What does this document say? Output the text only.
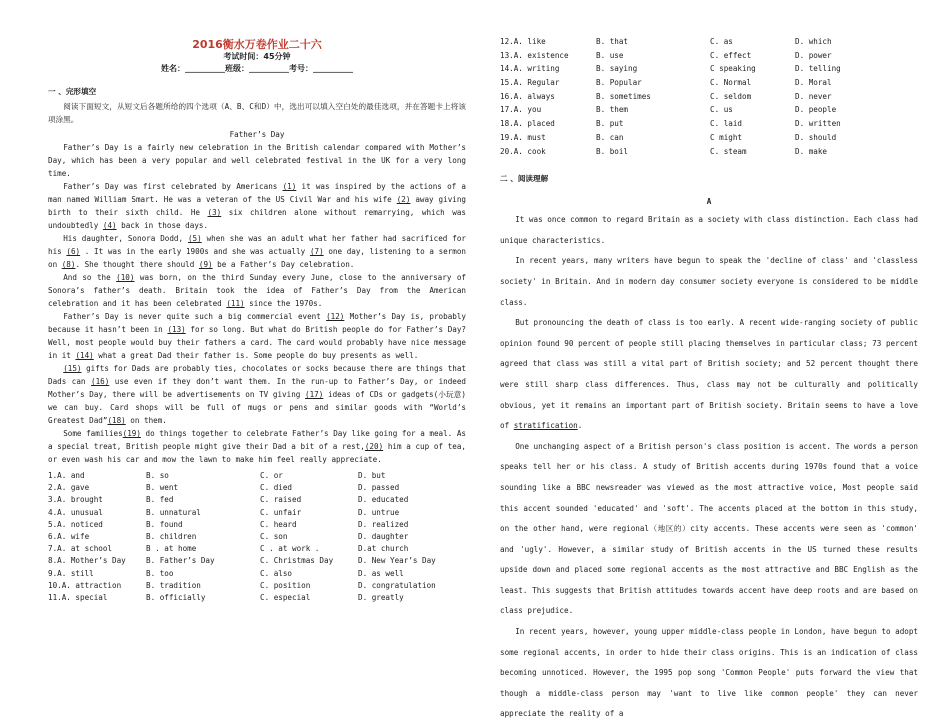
2016衡水万卷作业二十六
考试时间：45分钟
姓名：__________班级：__________考号：__________
一 、完形填空

阅读下面短文，从短文后各题所给的四个选项（A、B、C和D）中，选出可以填入空白处的最佳选项，并在答题卡上将该项涂黑。

Father’s Day

Father’s Day is a fairly new celebration in the British calendar compared with Mother’s Day, which has been a very popular and well celebrated festival in the UK for a very long time.

Father’s Day was first celebrated by Americans (1) it was inspired by the actions of a man named William Smart. He was a veteran of the US Civil War and his wife (2) away giving birth to their sixth child. He (3) six children alone without remarrying, which was undoubtedly (4) back in those days.

His daughter, Sonora Dodd, (5) when she was an adult what her father had sacrificed for his (6) . It was in the early 1900s and she was actually (7) one day, listening to a sermon on (8). She thought there should (9) be a Father’s Day celebration.

And so the (10) was born, on the third Sunday every June, close to the anniversary of Sonora’s father’s death. Britain took the idea of Father’s Day from the American celebration and it has been celebrated (11) since the 1970s.

Father’s Day is never quite such a big commercial event (12) Mother’s Day is, probably because it hasn’t been in (13) for so long. But what do British people do for Father’s Day? Well, most people would buy their fathers a card. The card would probably have nice message in it (14) what a great Dad their father is. Some people do buy presents as well.

(15) gifts for Dads are probably ties, chocolates or socks because there are things that Dads can (16) use even if they don’t want them. In the run-up to Father’s Day, or indeed Mother’s Day, there will be advertisements on TV giving (17) ideas of CDs or gadgets(小玩意) we can buy. Card shops will be full of mugs or pens and similar goods with “World’s Greatest Dad”(18) on them.

Some families(19) do things together to celebrate Father’s Day like going for a meal. As a special treat, British people might give their Dad a bit of a rest,(20) him a cup of tea, or even wash his car and mow the lawn to make him feel really appreciate.

1.A. and	B. so	C. or	D. but
2.A. gave	B. went	C. died	D. passed
3.A. brought	B. fed	C. raised	D. educated
4.A. unusual	B. unnatural	C. unfair	D. untrue
5.A. noticed	B. found	C. heard	D. realized
6.A. wife	B. children	C. son	D. daughter
7.A. at school	B . at home	C . at work .	D.at church
8.A. Mother’s Day	B. Father’s Day	C. Christmas Day	D. New Year’s Day
9.A. still	B. too	C. also	D. as well
10.A. attraction	B. tradition	C. position	D. congratulation
11.A. special	B. officially	C. especial	D. greatly
12.A. like	B. that	C. as	D. which
13.A. existence	B. use	C. effect	D. power
14.A. writing	B. saying	C speaking	D. telling
15.A. Regular	B. Popular	C. Normal	D. Moral
16.A. always	B. sometimes	C. seldom	D. never
17.A. you	B. them	C. us	D. people
18.A. placed	B. put	C. laid	D. written
19.A. must	B. can	C might	D. should
20.A. cook	B. boil	C. steam	D. make
二 、阅读理解
A

It was once common to regard Britain as a society with class distinction. Each class had unique characteristics.

In recent years, many writers have begun to speak the 'decline of class' and 'classless society' in Britain. And in modern day consumer society everyone is considered to be middle class.

But pronouncing the death of class is too early. A recent wide-ranging society of public opinion found 90 percent of people still placing themselves in particular class; 73 percent agreed that class was still a vital part of British society; and 52 percent thought there were still sharp class differences. Thus, class may not be culturally and politically obvious, yet it remains an important part of British society. Britain seems to have a love of stratification.

One unchanging aspect of a British person's class position is accent. The words a person speaks tell her or his class. A study of British accents during 1970s found that a voice sounding like a BBC newsreader was viewed as the most attractive voice, Most people said this accent sounded 'educated' and 'soft'. The accents placed at the bottom in this study, on the other hand, were regional（地区的）city accents. These accents were seen as 'common' and 'ugly'. However, a similar study of British accents in the US turned these results upside down and placed some regional accents as the most attractive and BBC English as the least. This suggests that British attitudes towards accent have deep roots and are based on class prejudice.

In recent years, however, young upper middle-class people in London, have begun to adopt some regional accents, in order to hide their class origins. This is an indication of class becoming unnoticed. However, the 1995 pop song 'Common People' puts forward the view that though a middle-class person may 'want to live like common people' they can never appreciate the reality of a
